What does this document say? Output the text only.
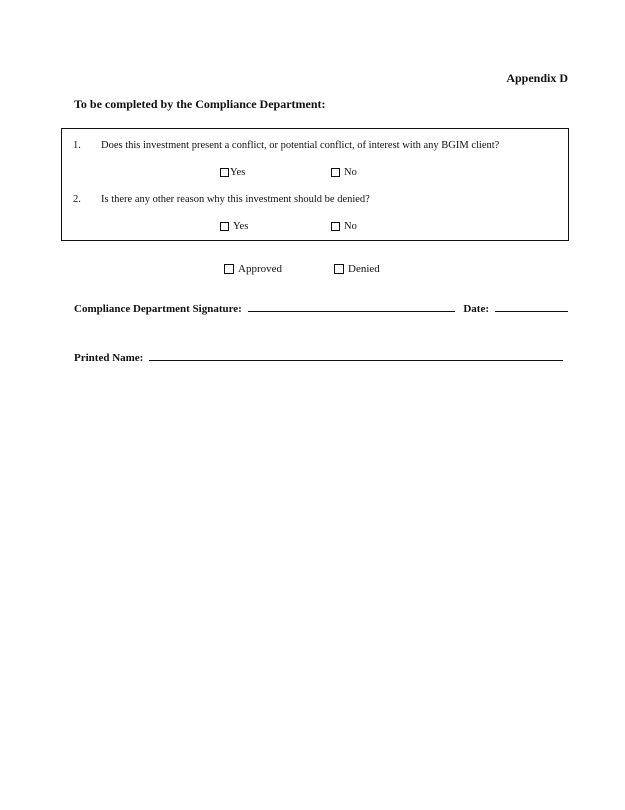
Appendix D
To be completed by the Compliance Department:
1. Does this investment present a conflict, or potential conflict, of interest with any BGIM client?
Yes	No
2. Is there any other reason why this investment should be denied?
Yes	No
Approved	Denied
Compliance Department Signature:	Date:
Printed Name:
